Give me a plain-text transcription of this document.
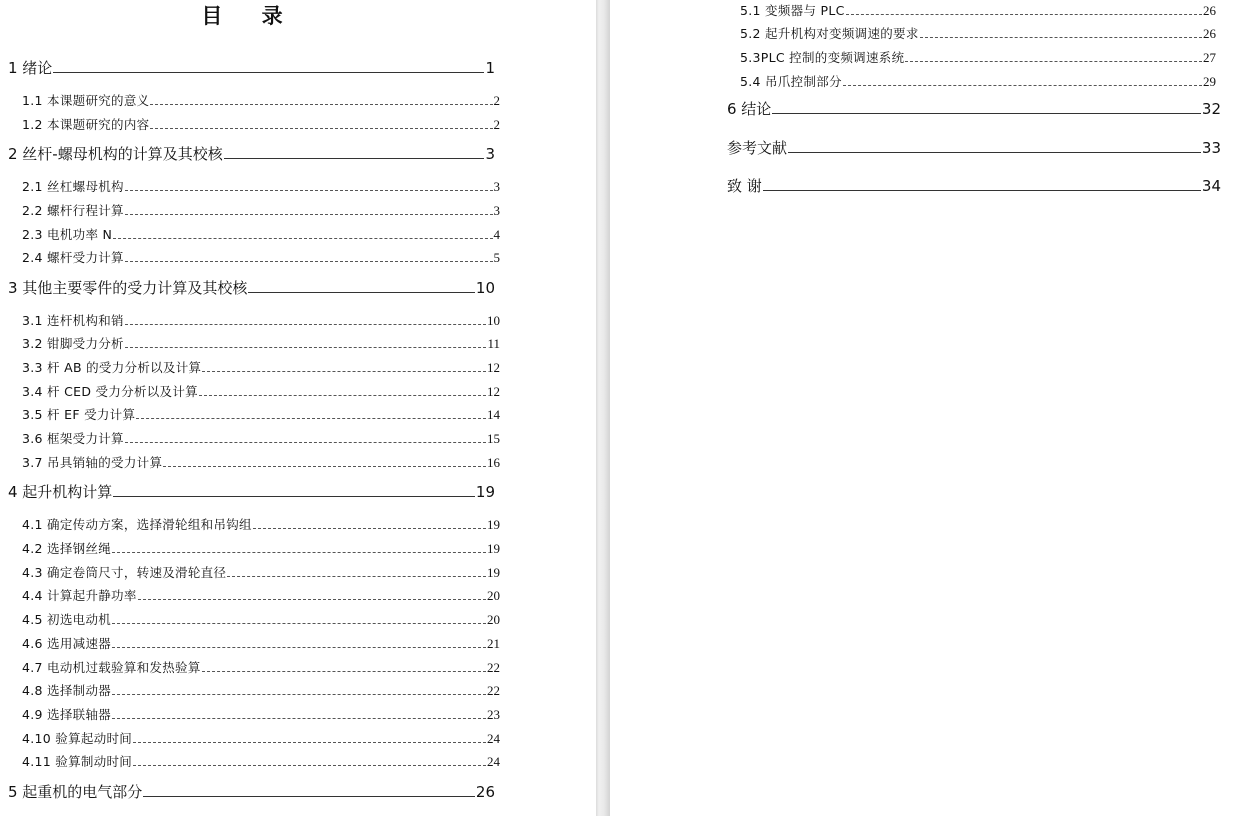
目 录
1 绪论	1
1.1 本课题研究的意义	2
1.2 本课题研究的内容	2
2 丝杆-螺母机构的计算及其校核	3
2.1 丝杠螺母机构	3
2.2 螺杆行程计算	3
2.3 电机功率 N	4
2.4 螺杆受力计算	5
3 其他主要零件的受力计算及其校核	10
3.1 连杆机构和销	10
3.2 钳脚受力分析	11
3.3 杆 AB 的受力分析以及计算	12
3.4 杆 CED 受力分析以及计算	12
3.5 杆 EF 受力计算	14
3.6 框架受力计算	15
3.7 吊具销轴的受力计算	16
4 起升机构计算	19
4.1 确定传动方案，选择滑轮组和吊钩组	19
4.2 选择钢丝绳	19
4.3 确定卷筒尺寸，转速及滑轮直径	19
4.4 计算起升静功率	20
4.5 初选电动机	20
4.6 选用减速器	21
4.7 电动机过载验算和发热验算	22
4.8 选择制动器	22
4.9 选择联轴器	23
4.10 验算起动时间	24
4.11 验算制动时间	24
5 起重机的电气部分	26
5.1 变频器与 PLC	26
5.2 起升机构对变频调速的要求	26
5.3PLC 控制的变频调速系统	27
5.4 吊爪控制部分	29
6 结论	32
参考文献	33
致 谢	34
